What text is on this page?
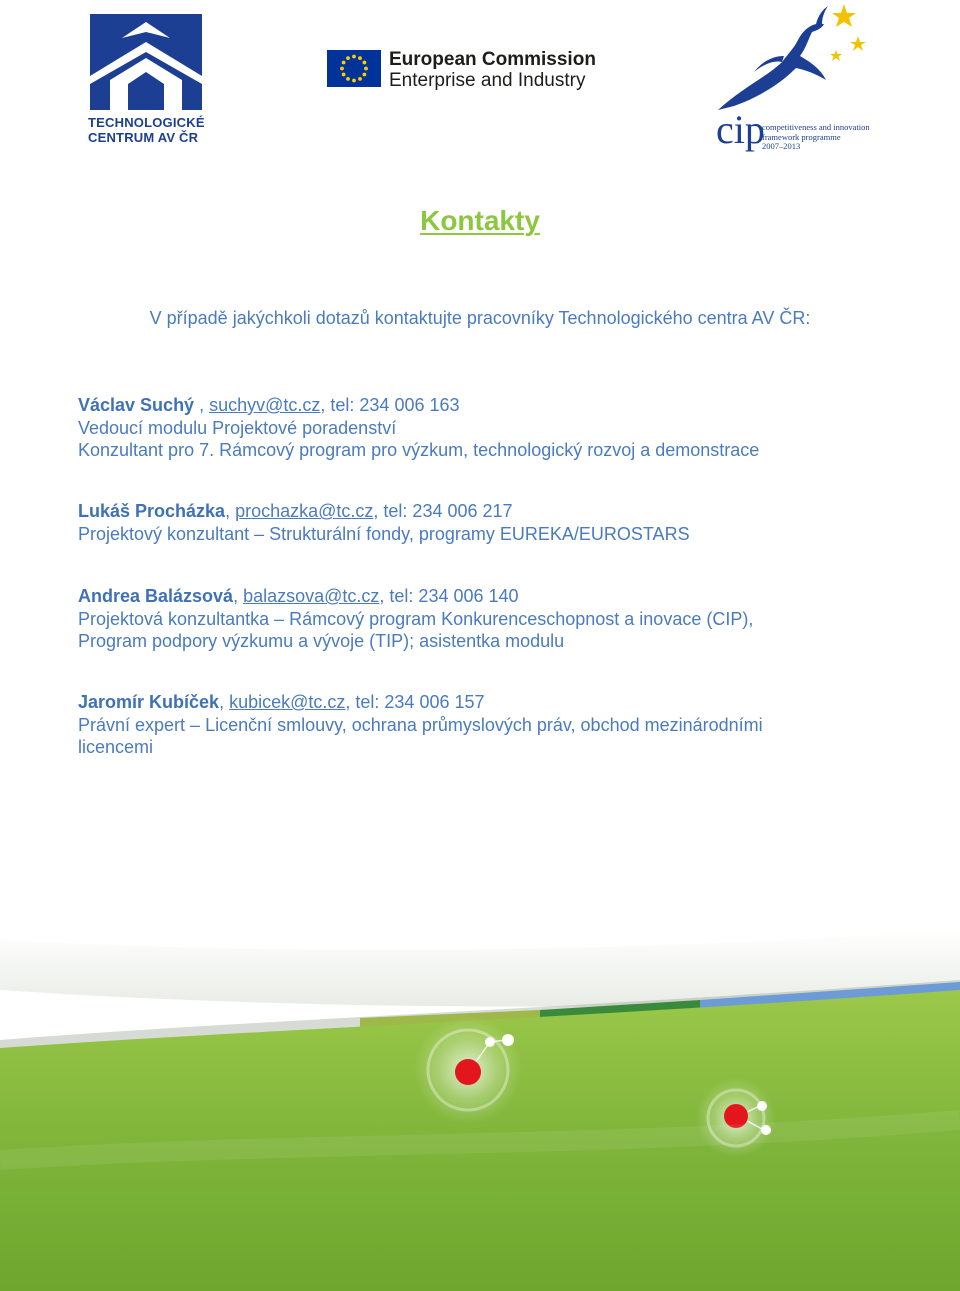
TECHNOLOGICKÉ
CENTRUM AV ČR
European Commission
Enterprise and Industry
cip
competitiveness and innovation
framework programme
2007–2013
Kontakty
V případě jakýchkoli dotazů kontaktujte pracovníky Technologického centra AV ČR:
Václav Suchý , suchyv@tc.cz, tel: 234 006 163
Vedoucí modulu Projektové poradenství
Konzultant pro 7. Rámcový program pro výzkum, technologický rozvoj a demonstrace
Lukáš Procházka, prochazka@tc.cz, tel: 234 006 217
Projektový konzultant – Strukturální fondy, programy EUREKA/EUROSTARS
Andrea Balázsová, balazsova@tc.cz, tel: 234 006 140
Projektová konzultantka – Rámcový program Konkurenceschopnost a inovace (CIP),
Program podpory výzkumu a vývoje (TIP); asistentka modulu
Jaromír Kubíček, kubicek@tc.cz, tel: 234 006 157
Právní expert – Licenční smlouvy, ochrana průmyslových práv, obchod mezinárodními
licencemi
